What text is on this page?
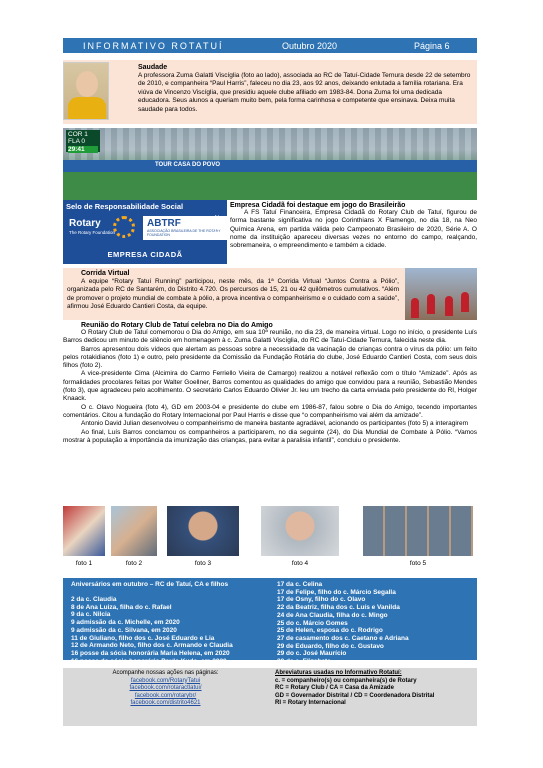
INFORMATIVO ROTATUÍ	Outubro 2020	Página 6
Saudade
A professora Zuma Galatti Viscíglia (foto ao lado), associada ao RC de Tatuí-Cidade Ternura desde 22 de setembro de 2010, e companheira “Paul Harris”, faleceu no dia 23, aos 92 anos, deixando enlutada a família rotariana. Era viúva de Vincenzo Viscíglia, que presidiu aquele clube afiliado em 1983-84. Dona Zuma foi uma dedicada educadora. Seus alunos a queriam muito bem, pela forma carinhosa e competente que ensinava. Deixa muita saudade para todos.
COR 1
FLA 0
29:41
TOUR CASA DO POVO
Selo de Responsabilidade Social
Rotary
The Rotary Foundation
ABTRF
ASSOCIAÇÃO BRASILEIRA DE THE ROTARY FOUNDATION
2020-21
EMPRESA CIDADÃ
Empresa Cidadã foi destaque em jogo do Brasileirão
A FS Tatuí Financeira, Empresa Cidadã do Rotary Club de Tatuí, figurou de forma bastante significativa no jogo Corinthians X Flamengo, no dia 18, na Neo Química Arena, em partida válida pelo Campeonato Brasileiro de 2020, Série A. O nome da instituição apareceu diversas vezes no entorno do campo, realçando, sobremaneira, o empreendimento e também a cidade.
Corrida Virtual
A equipe “Rotary Tatuí Running” participou, neste mês, da 1ª Corrida Virtual “Juntos Contra a Pólio”, organizada pelo RC de Santarém, do Distrito 4.720. Os percursos de 15, 21 ou 42 quilômetros cumulativos. “Além de promover o projeto mundial de combate à pólio, a prova incentiva o companheirismo e o cuidado com a saúde”, afirmou José Eduardo Cantieri Costa, da equipe.
Reunião do Rotary Club de Tatuí celebra no Dia do Amigo

O Rotary Club de Tatuí comemorou o Dia do Amigo, em sua 10ª reunião, no dia 23, de maneira virtual. Logo no início, o presidente Luís Barros dedicou um minuto de silêncio em homenagem à c. Zuma Galatti Viscíglia, do RC de Tatuí-Cidade Ternura, falecida neste dia.

Barros apresentou dois vídeos que alertam as pessoas sobre a necessidade da vacinação de crianças contra o vírus da pólio: um feito pelos rotakidianos (foto 1) e outro, pelo presidente da Comissão da Fundação Rotária do clube, José Eduardo Cantieri Costa, com seus dois filhos (foto 2).

A vice-presidente Cima (Alcimira do Carmo Ferriello Vieira de Camargo) realizou a notável reflexão com o título “Amizade”. Após as formalidades procolares feitas por Walter Goellner, Barros comentou as qualidades do amigo que convidou para a reunião, Sebastião Mendes (foto 3), que agradeceu pelo acolhimento. O secretário Carlos Eduardo Olivier Jr. leu um trecho da carta enviada pelo presidente do RI, Holger Knaack.

O c. Olavo Nogueira (foto 4), GD em 2003-04 e presidente do clube em 1986-87, falou sobre o Dia do Amigo, tecendo importantes comentários. Citou a fundação do Rotary Internacional por Paul Harris e disse que “o companheirismo vai além da amizade”.

Antonio David Julian desenvolveu o companheirismo de maneira bastante agradável, acionando os participantes (foto 5) a interagirem

Ao final, Luís Barros conclamou os companheiros a participarem, no dia seguinte (24), do Dia Mundial de Combate à Pólio. “Vamos mostrar à população a importância da imunização das crianças, para evitar a paralisia infantil”, concluiu o presidente.

foto 1	foto 2	foto 3	foto 4	foto 5
Aniversários em outubro – RC de Tatuí, CA e filhos
2 da c. Claudia
8 de Ana Luiza, filha do c. Rafael
9 da c. Nilcia
9 admissão da c. Michelle, em 2020
9 admissão da c. Silvana, em 2020
11 de Giuliano, filho dos c. José Eduardo e Lia
12 de Armando Neto, filho dos c. Armando e Claudia
16 posse da sócia honorária Maria Helena, em 2020
16 posse do sócio honorário Paulo Kudo, em 2020
17 da c. Celina
17 de Felipe, filho do c. Márcio Segalla
17 de Osny, filho do c. Olavo
22 da Beatriz, filha dos c. Luís e Vanilda
24 de Ana Claudia, filha do c. Mingo
25 do c. Márcio Gomes
25 de Helen, esposa do c. Rodrigo
27 de casamento dos c. Caetano e Adriana
29 de Eduardo, filho do c. Gustavo
29 do c. José Maurício
30 da c. Elizabete
Acompanhe nossas ações nas páginas:
facebook.com/RotaryTatui
facebook.com/rotaractlatui/
facebook.com/rotarybr/
facebook.com/distrito4621
Abreviaturas usadas no Informativo Rotatuí:
c. = companheiro(s) ou companheira(s) de Rotary
RC = Rotary Club / CA = Casa da Amizade
GD = Governador Distrital / CD = Coordenadora Distrital
RI = Rotary Internacional
